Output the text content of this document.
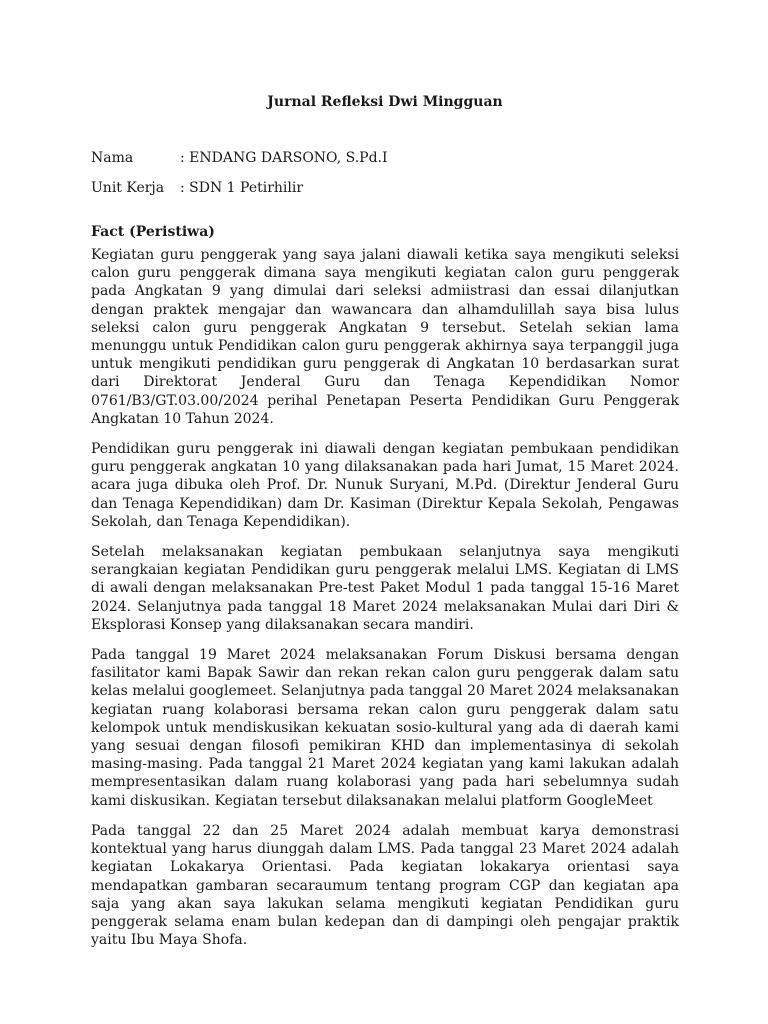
Jurnal Refleksi Dwi Mingguan

Nama	: ENDANG DARSONO, S.Pd.I
Unit Kerja	: SDN 1 Petirhilir
Fact (Peristiwa)

Kegiatan guru penggerak yang saya jalani diawali ketika saya mengikuti seleksi calon guru penggerak dimana saya mengikuti kegiatan calon guru penggerak pada Angkatan 9 yang dimulai dari seleksi admiistrasi dan essai dilanjutkan dengan praktek mengajar dan wawancara dan alhamdulillah saya bisa lulus seleksi calon guru penggerak Angkatan 9 tersebut. Setelah sekian lama menunggu untuk Pendidikan calon guru penggerak akhirnya saya terpanggil juga untuk mengikuti pendidikan guru penggerak di Angkatan 10 berdasarkan surat dari Direktorat Jenderal Guru dan Tenaga Kependidikan Nomor 0761/B3/GT.03.00/2024 perihal Penetapan Peserta Pendidikan Guru Penggerak Angkatan 10 Tahun 2024.

Pendidikan guru penggerak ini diawali dengan kegiatan pembukaan pendidikan guru penggerak angkatan 10 yang dilaksanakan pada hari Jumat, 15 Maret 2024. acara juga dibuka oleh Prof. Dr. Nunuk Suryani, M.Pd. (Direktur Jenderal Guru dan Tenaga Kependidikan) dam Dr. Kasiman (Direktur Kepala Sekolah, Pengawas Sekolah, dan Tenaga Kependidikan).

Setelah melaksanakan kegiatan pembukaan selanjutnya saya mengikuti serangkaian kegiatan Pendidikan guru penggerak melalui LMS. Kegiatan di LMS di awali dengan melaksanakan Pre-test Paket Modul 1 pada tanggal 15-16 Maret 2024. Selanjutnya pada tanggal 18 Maret 2024 melaksanakan Mulai dari Diri & Eksplorasi Konsep yang dilaksanakan secara mandiri.

Pada tanggal 19 Maret 2024 melaksanakan Forum Diskusi bersama dengan fasilitator kami Bapak Sawir dan rekan rekan calon guru penggerak dalam satu kelas melalui googlemeet. Selanjutnya pada tanggal 20 Maret 2024 melaksanakan kegiatan ruang kolaborasi bersama rekan calon guru penggerak dalam satu kelompok untuk mendiskusikan kekuatan sosio-kultural yang ada di daerah kami yang sesuai dengan filosofi pemikiran KHD dan implementasinya di sekolah masing-masing. Pada tanggal 21 Maret 2024 kegiatan yang kami lakukan adalah mempresentasikan dalam ruang kolaborasi yang pada hari sebelumnya sudah kami diskusikan. Kegiatan tersebut dilaksanakan melalui platform GoogleMeet

Pada tanggal 22 dan 25 Maret 2024 adalah membuat karya demonstrasi kontektual yang harus diunggah dalam LMS. Pada tanggal 23 Maret 2024 adalah kegiatan Lokakarya Orientasi. Pada kegiatan lokakarya orientasi saya mendapatkan gambaran secaraumum tentang program CGP dan kegiatan apa saja yang akan saya lakukan selama mengikuti kegiatan Pendidikan guru penggerak selama enam bulan kedepan dan di dampingi oleh pengajar praktik yaitu Ibu Maya Shofa.
